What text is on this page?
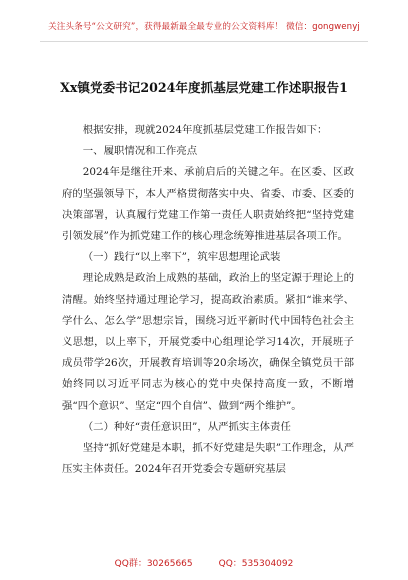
关注头条号“公文研究”，获得最新最全最专业的公文资料库！ 微信：gongwenyj
Xx镇党委书记2024年度抓基层党建工作述职报告1

根据安排，现就2024年度抓基层党建工作报告如下：

一、履职情况和工作亮点

2024年是继往开来、承前启后的关键之年。在区委、区政府的坚强领导下，本人严格贯彻落实中央、省委、市委、区委的决策部署，认真履行党建工作第一责任人职责始终把“坚持党建引领发展”作为抓党建工作的核心理念统筹推进基层各项工作。

（一）践行“以上率下”，筑牢思想理论武装

理论成熟是政治上成熟的基础，政治上的坚定源于理论上的清醒。始终坚持通过理论学习，提高政治素质。紧扣“谁来学、学什么、怎么学”思想宗旨，围绕习近平新时代中国特色社会主义思想，以上率下，开展党委中心组理论学习14次，开展班子成员带学26次，开展教育培训等20余场次，确保全镇党员干部始终同以习近平同志为核心的党中央保持高度一致，不断增强“四个意识”、坚定“四个自信”、做到“两个维护”。

（二）种好“责任意识田”，从严抓实主体责任

坚持“抓好党建是本职，抓不好党建是失职”工作理念，从严压实主体责任。2024年召开党委会专题研究基层

QQ群：30265665	QQ：535304092
